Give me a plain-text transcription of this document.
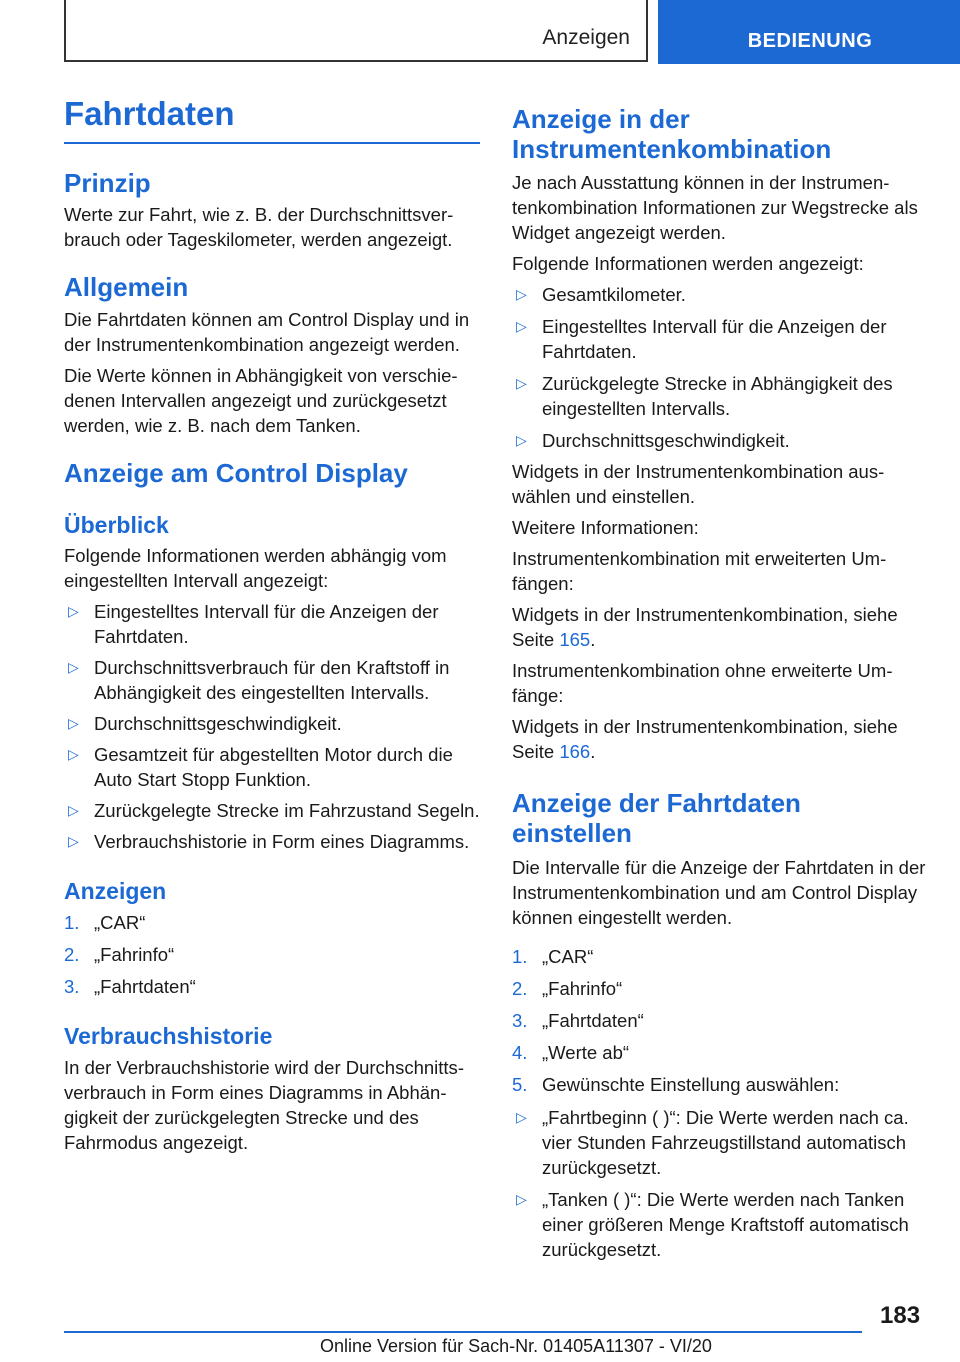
Anzeigen	BEDIENUNG
Fahrtdaten
Prinzip

Werte zur Fahrt, wie z. B. der Durchschnittsverbrauch oder Tageskilometer, werden angezeigt.

Allgemein

Die Fahrtdaten können am Control Display und in der Instrumentenkombination angezeigt werden.

Die Werte können in Abhängigkeit von verschiedenen Intervallen angezeigt und zurückgesetzt werden, wie z. B. nach dem Tanken.

Anzeige am Control Display
Überblick

Folgende Informationen werden abhängig vom eingestellten Intervall angezeigt:

▷ Eingestelltes Intervall für die Anzeigen der Fahrtdaten.
▷ Durchschnittsverbrauch für den Kraftstoff in Abhängigkeit des eingestellten Intervalls.
▷ Durchschnittsgeschwindigkeit.
▷ Gesamtzeit für abgestellten Motor durch die Auto Start Stopp Funktion.
▷ Zurückgelegte Strecke im Fahrzustand Segeln.
▷ Verbrauchshistorie in Form eines Diagramms.
Anzeigen
1. „CAR“
2. „Fahrinfo“
3. „Fahrtdaten“
Verbrauchshistorie

In der Verbrauchshistorie wird der Durchschnittsverbrauch in Form eines Diagramms in Abhängigkeit der zurückgelegten Strecke und des Fahrmodus angezeigt.

Anzeige in der Instrumentenkombination

Je nach Ausstattung können in der Instrumentenkombination Informationen zur Wegstrecke als Widget angezeigt werden.

Folgende Informationen werden angezeigt:

▷ Gesamtkilometer.
▷ Eingestelltes Intervall für die Anzeigen der Fahrtdaten.
▷ Zurückgelegte Strecke in Abhängigkeit des eingestellten Intervalls.
▷ Durchschnittsgeschwindigkeit.

Widgets in der Instrumentenkombination auswählen und einstellen.

Weitere Informationen:

Instrumentenkombination mit erweiterten Umfängen:

Widgets in der Instrumentenkombination, siehe Seite 165.

Instrumentenkombination ohne erweiterte Umfänge:

Widgets in der Instrumentenkombination, siehe Seite 166.

Anzeige der Fahrtdaten einstellen

Die Intervalle für die Anzeige der Fahrtdaten in der Instrumentenkombination und am Control Display können eingestellt werden.

1. „CAR“
2. „Fahrinfo“
3. „Fahrtdaten“
4. „Werte ab“
5. Gewünschte Einstellung auswählen:
▷ „Fahrtbeginn ( )“: Die Werte werden nach ca. vier Stunden Fahrzeugstillstand automatisch zurückgesetzt.
▷ „Tanken ( )“: Die Werte werden nach Tanken einer größeren Menge Kraftstoff automatisch zurückgesetzt.
183
Online Version für Sach-Nr. 01405A11307 - VI/20
